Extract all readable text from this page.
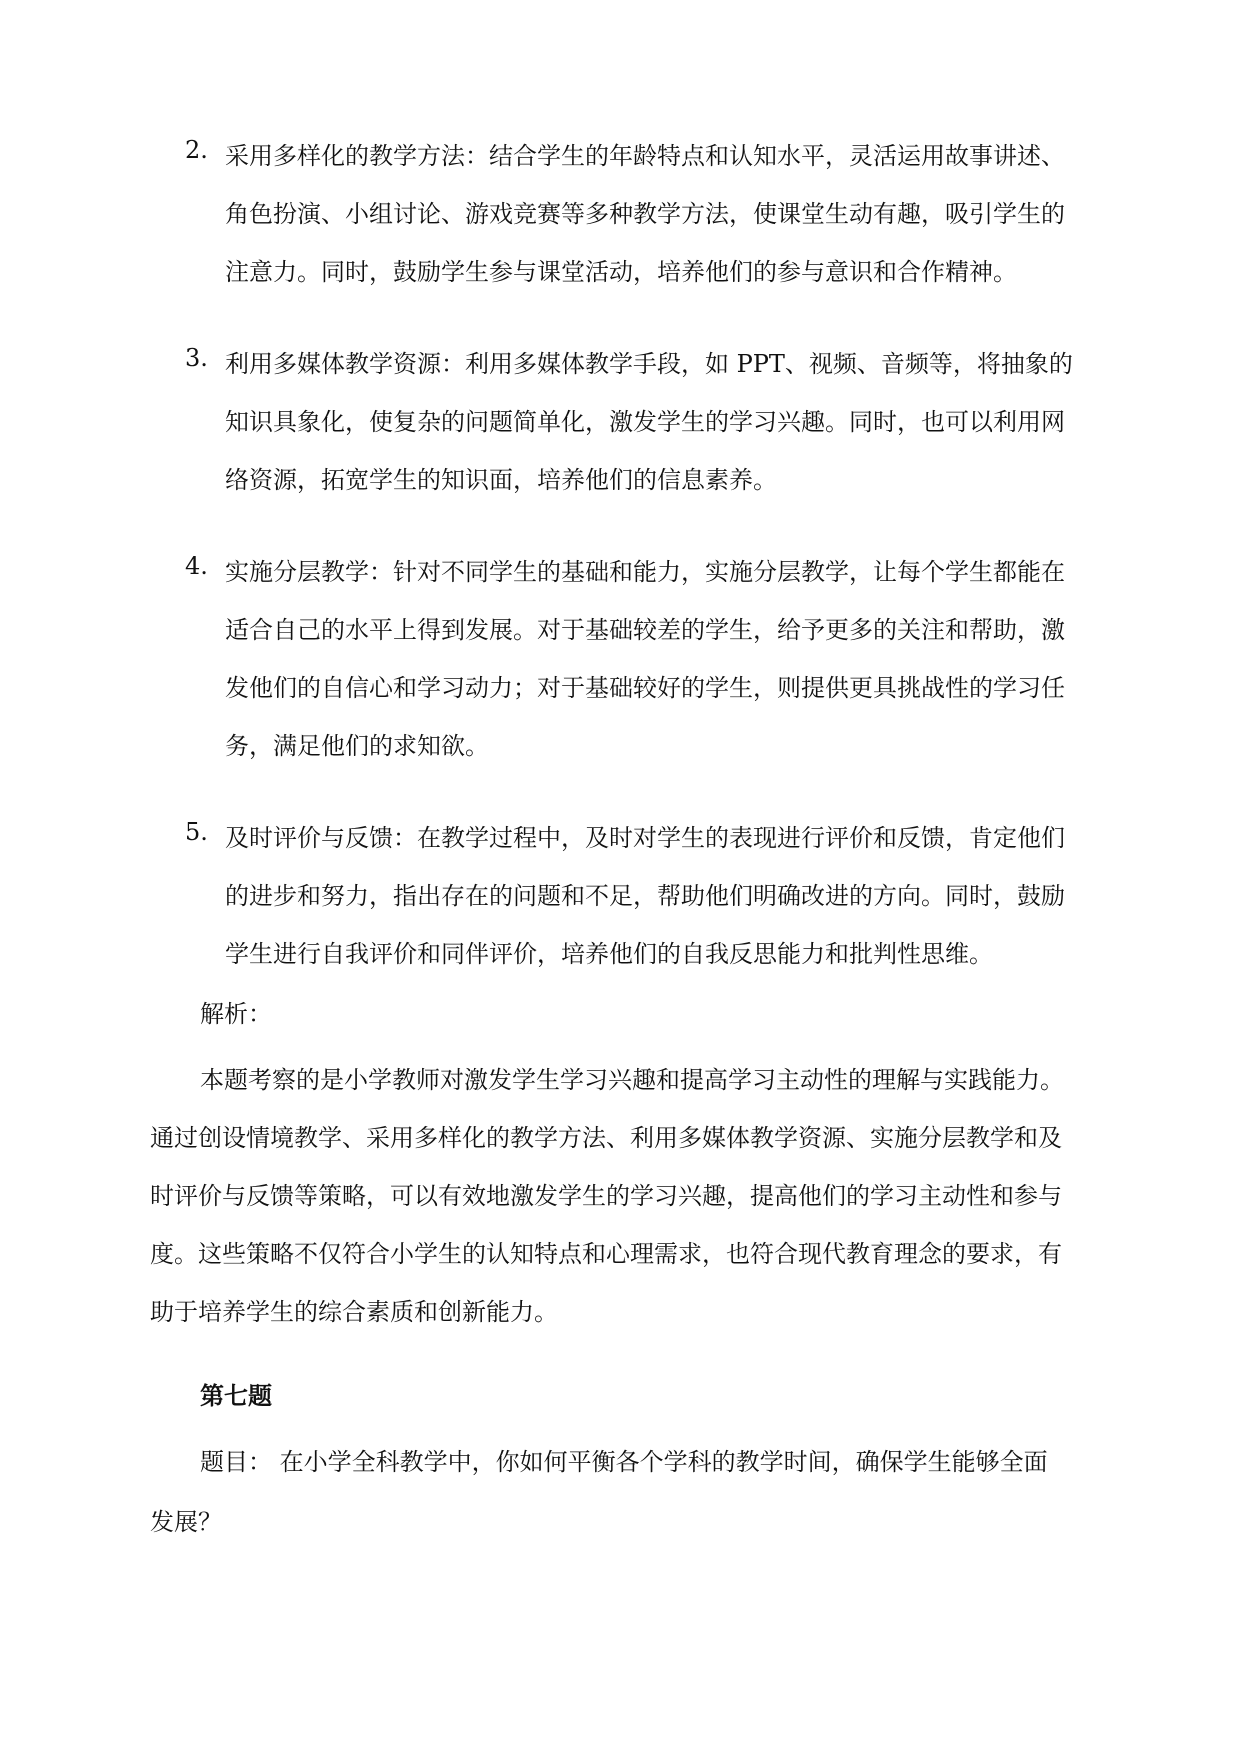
2. 采用多样化的教学方法：结合学生的年龄特点和认知水平，灵活运用故事讲述、
角色扮演、小组讨论、游戏竞赛等多种教学方法，使课堂生动有趣，吸引学生的
注意力。同时，鼓励学生参与课堂活动，培养他们的参与意识和合作精神。
3. 利用多媒体教学资源：利用多媒体教学手段，如 PPT、视频、音频等，将抽象的
知识具象化，使复杂的问题简单化，激发学生的学习兴趣。同时，也可以利用网
络资源，拓宽学生的知识面，培养他们的信息素养。
4. 实施分层教学：针对不同学生的基础和能力，实施分层教学，让每个学生都能在
适合自己的水平上得到发展。对于基础较差的学生，给予更多的关注和帮助，激
发他们的自信心和学习动力；对于基础较好的学生，则提供更具挑战性的学习任
务，满足他们的求知欲。
5. 及时评价与反馈：在教学过程中，及时对学生的表现进行评价和反馈，肯定他们
的进步和努力，指出存在的问题和不足，帮助他们明确改进的方向。同时，鼓励
学生进行自我评价和同伴评价，培养他们的自我反思能力和批判性思维。
解析：
本题考察的是小学教师对激发学生学习兴趣和提高学习主动性的理解与实践能力。
通过创设情境教学、采用多样化的教学方法、利用多媒体教学资源、实施分层教学和及
时评价与反馈等策略，可以有效地激发学生的学习兴趣，提高他们的学习主动性和参与
度。这些策略不仅符合小学生的认知特点和心理需求，也符合现代教育理念的要求，有
助于培养学生的综合素质和创新能力。
第七题
题目： 在小学全科教学中，你如何平衡各个学科的教学时间，确保学生能够全面
发展？
